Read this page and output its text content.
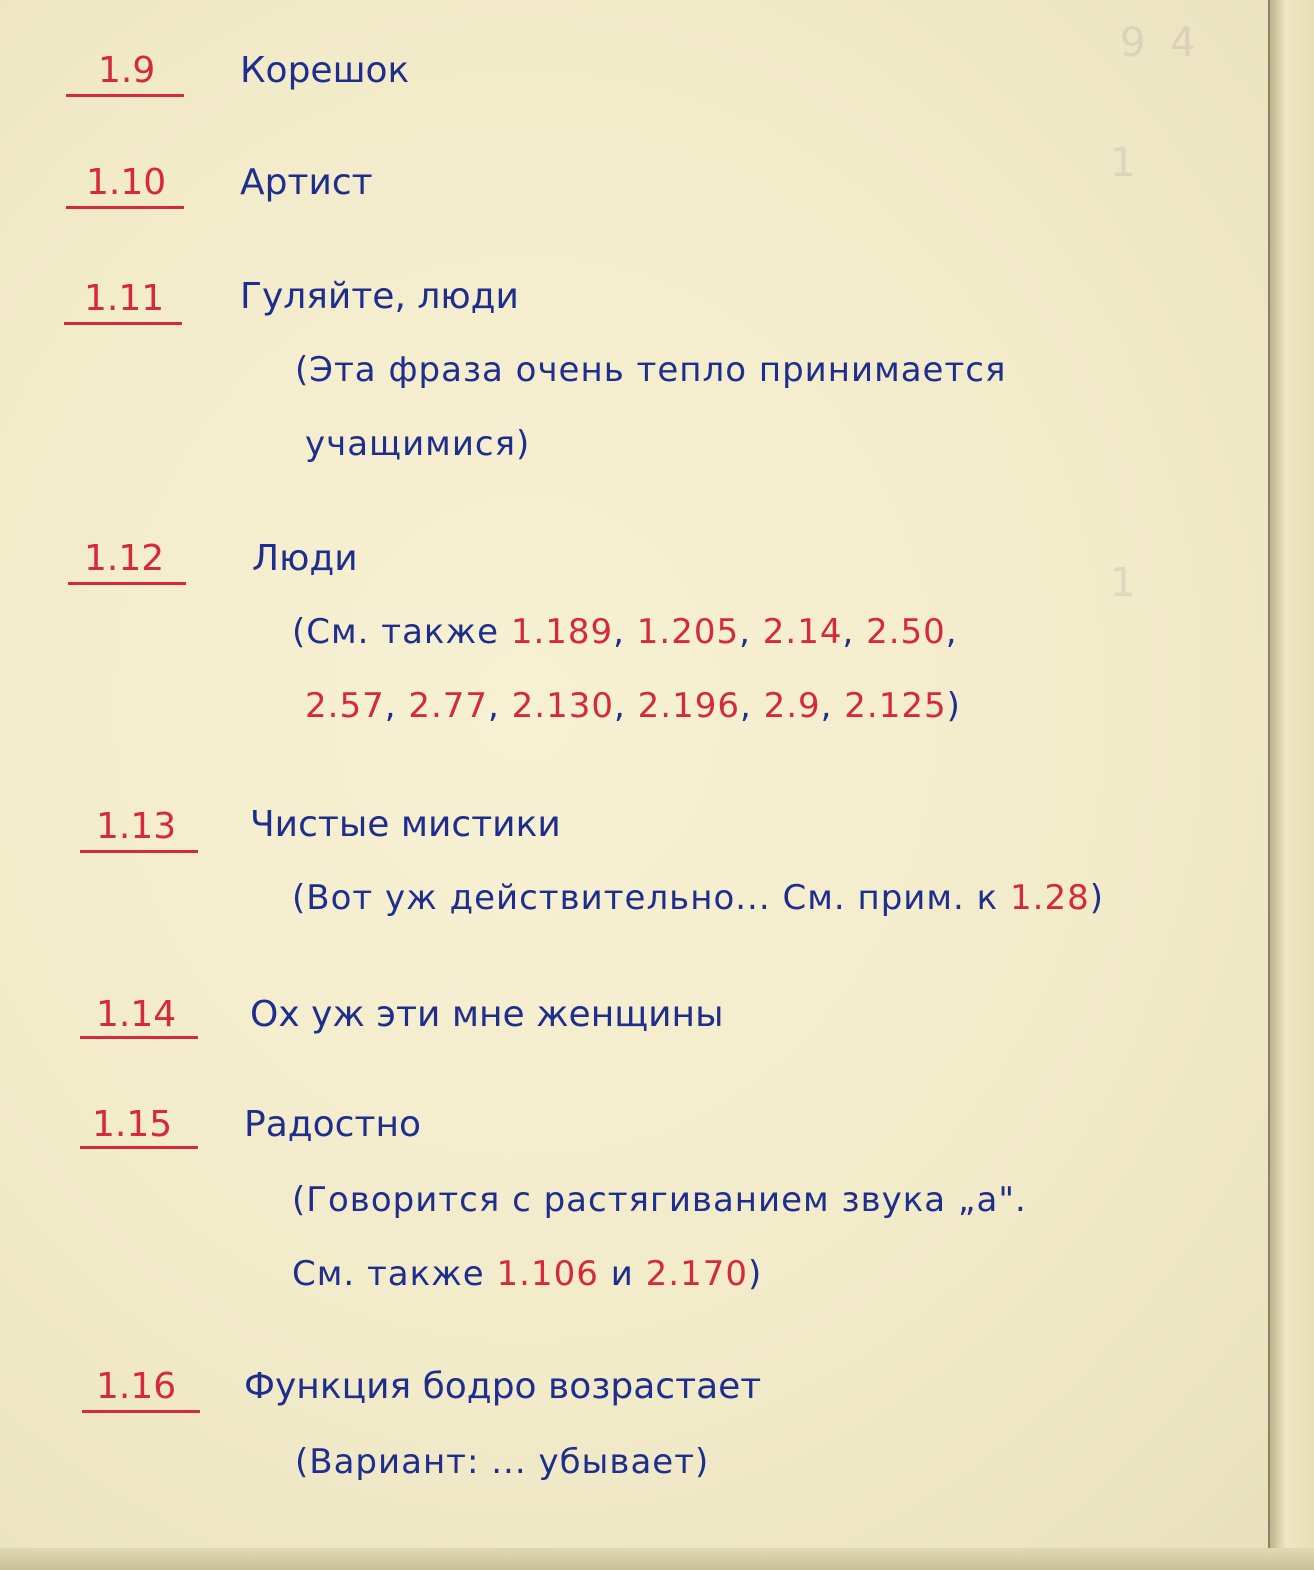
9 4
1
1
1.9 Корешок
1.10 Артист
1.11 Гуляйте, люди
(Эта фраза очень тепло принимается
учащимися)
1.12 Люди
(См. также 1.189, 1.205, 2.14, 2.50,
2.57, 2.77, 2.130, 2.196, 2.9, 2.125)
1.13 Чистые мистики
(Вот уж действительно... См. прим. к 1.28)
1.14 Ох уж эти мне женщины
1.15 Радостно
(Говорится с растягиванием звука „а".
См. также 1.106 и 2.170)
1.16 Функция бодро возрастает
(Вариант: ... убывает)
